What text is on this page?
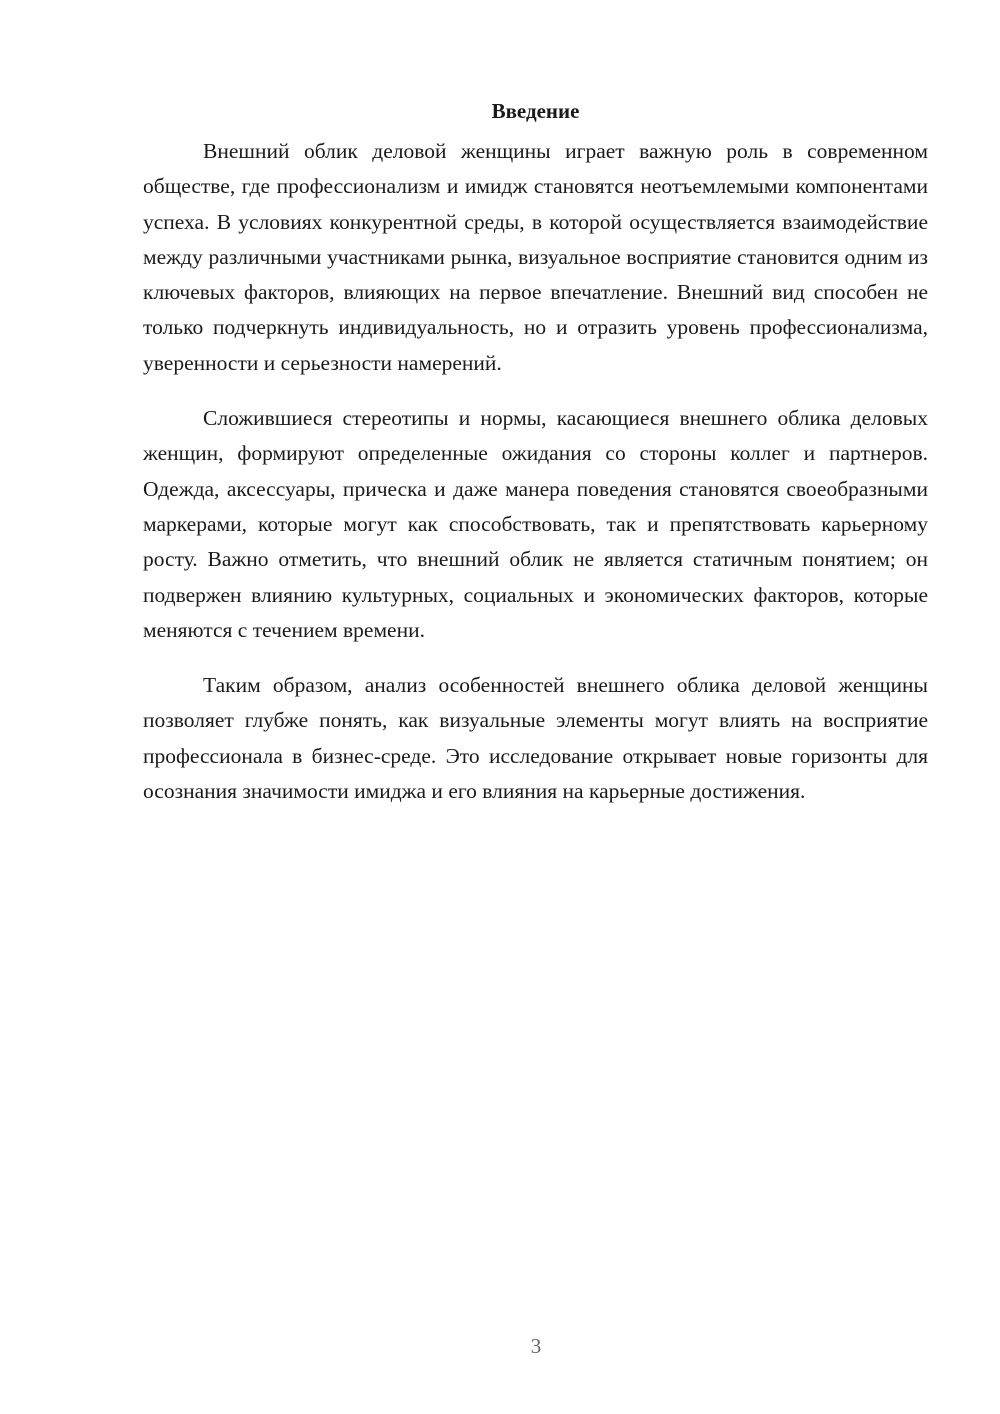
Введение

Внешний облик деловой женщины играет важную роль в современном обществе, где профессионализм и имидж становятся неотъемлемыми компонентами успеха. В условиях конкурентной среды, в которой осуществляется взаимодействие между различными участниками рынка, визуальное восприятие становится одним из ключевых факторов, влияющих на первое впечатление. Внешний вид способен не только подчеркнуть индивидуальность, но и отразить уровень профессионализма, уверенности и серьезности намерений.

Сложившиеся стереотипы и нормы, касающиеся внешнего облика деловых женщин, формируют определенные ожидания со стороны коллег и партнеров. Одежда, аксессуары, прическа и даже манера поведения становятся своеобразными маркерами, которые могут как способствовать, так и препятствовать карьерному росту. Важно отметить, что внешний облик не является статичным понятием; он подвержен влиянию культурных, социальных и экономических факторов, которые меняются с течением времени.

Таким образом, анализ особенностей внешнего облика деловой женщины позволяет глубже понять, как визуальные элементы могут влиять на восприятие профессионала в бизнес-среде. Это исследование открывает новые горизонты для осознания значимости имиджа и его влияния на карьерные достижения.

3
